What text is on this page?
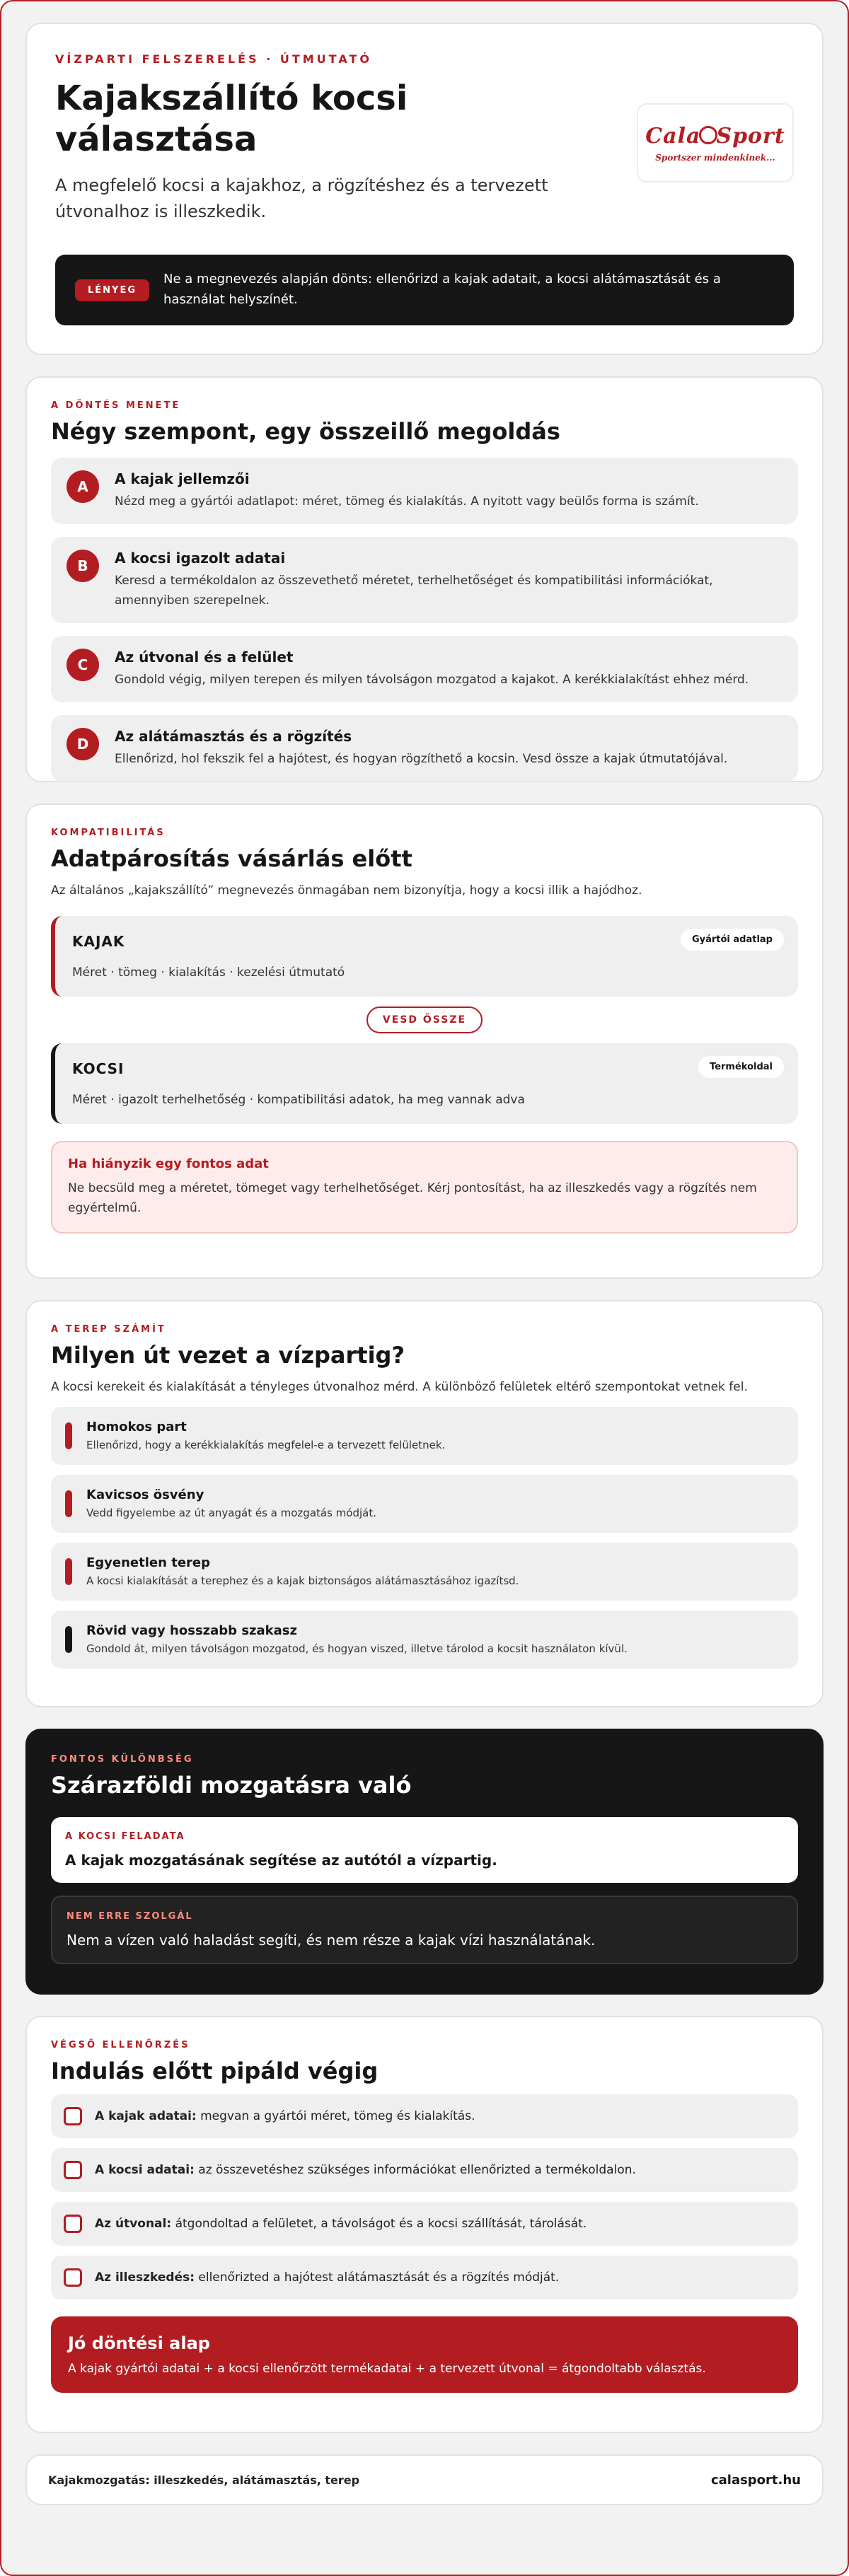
VÍZPARTI FELSZERELÉS · ÚTMUTATÓ
Kajakszállító kocsi választása

A megfelelő kocsi a kajakhoz, a rögzítéshez és a tervezett útvonalhoz is illeszkedik.

Cala Sport
Sportszer mindenkinek...
LÉNYEG
Ne a megnevezés alapján dönts: ellenőrizd a kajak adatait, a kocsi alátámasztását és a használat helyszínét.
A DÖNTÉS MENETE
Négy szempont, egy összeillő megoldás
A	A kajak jellemzői
Nézd meg a gyártói adatlapot: méret, tömeg és kialakítás. A nyitott vagy beülős forma is számít.
B	A kocsi igazolt adatai
Keresd a termékoldalon az összevethető méretet, terhelhetőséget és kompatibilitási információkat, amennyiben szerepelnek.
C	Az útvonal és a felület
Gondold végig, milyen terepen és milyen távolságon mozgatod a kajakot. A kerékkialakítást ehhez mérd.
D	Az alátámasztás és a rögzítés
Ellenőrizd, hol fekszik fel a hajótest, és hogyan rögzíthető a kocsin. Vesd össze a kajak útmutatójával.
KOMPATIBILITÁS
Adatpárosítás vásárlás előtt

Az általános „kajakszállító” megnevezés önmagában nem bizonyítja, hogy a kocsi illik a hajódhoz.

KAJAK	Gyártói adatlap
Méret · tömeg · kialakítás · kezelési útmutató
VESD ÖSSZE
KOCSI	Termékoldal
Méret · igazolt terhelhetőség · kompatibilitási adatok, ha meg vannak adva
Ha hiányzik egy fontos adat
Ne becsüld meg a méretet, tömeget vagy terhelhetőséget. Kérj pontosítást, ha az illeszkedés vagy a rögzítés nem egyértelmű.
A TEREP SZÁMÍT
Milyen út vezet a vízpartig?

A kocsi kerekeit és kialakítását a tényleges útvonalhoz mérd. A különböző felületek eltérő szempontokat vetnek fel.

Homokos part
Ellenőrizd, hogy a kerékkialakítás megfelel-e a tervezett felületnek.
Kavicsos ösvény
Vedd figyelembe az út anyagát és a mozgatás módját.
Egyenetlen terep
A kocsi kialakítását a terephez és a kajak biztonságos alátámasztásához igazítsd.
Rövid vagy hosszabb szakasz
Gondold át, milyen távolságon mozgatod, és hogyan viszed, illetve tárolod a kocsit használaton kívül.
FONTOS KÜLÖNBSÉG
Szárazföldi mozgatásra való
A KOCSI FELADATA
A kajak mozgatásának segítése az autótól a vízpartig.
NEM ERRE SZOLGÁL
Nem a vízen való haladást segíti, és nem része a kajak vízi használatának.
VÉGSŐ ELLENŐRZÉS
Indulás előtt pipáld végig
A kajak adatai: megvan a gyártói méret, tömeg és kialakítás.
A kocsi adatai: az összevetéshez szükséges információkat ellenőrizted a termékoldalon.
Az útvonal: átgondoltad a felületet, a távolságot és a kocsi szállítását, tárolását.
Az illeszkedés: ellenőrizted a hajótest alátámasztását és a rögzítés módját.
Jó döntési alap
A kajak gyártói adatai + a kocsi ellenőrzött termékadatai + a tervezett útvonal = átgondoltabb választás.
Kajakmozgatás: illeszkedés, alátámasztás, terep	calasport.hu
